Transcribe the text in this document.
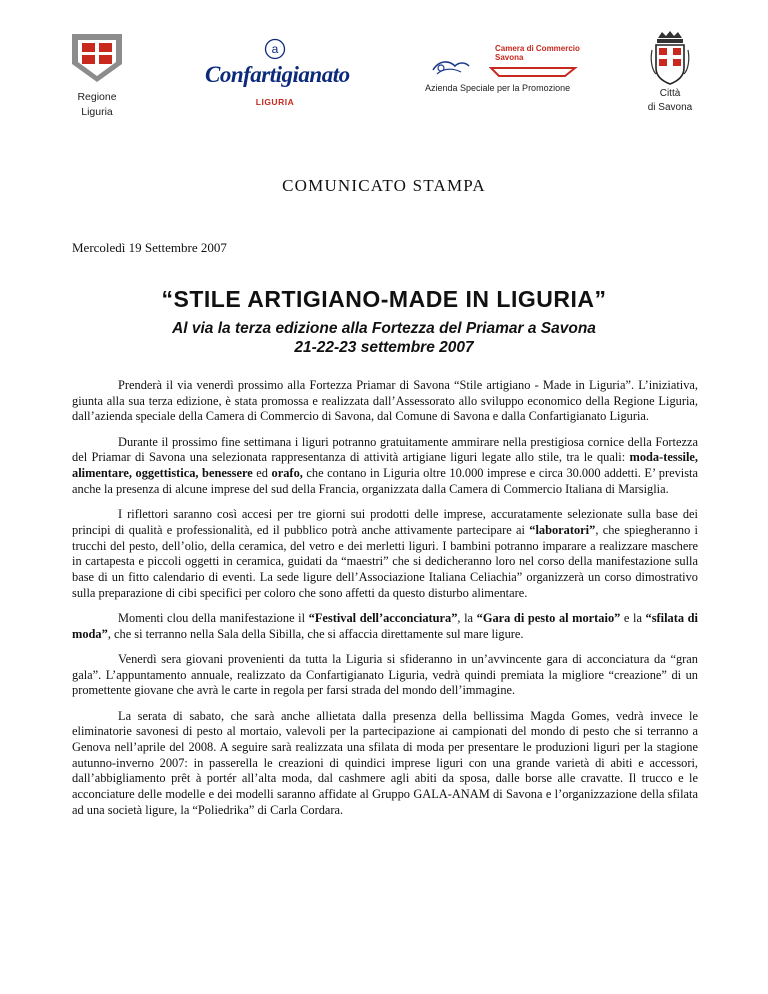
Regione
Liguria
a
Confartigianato
LIGURIA
Camera di Commercio
Savona
Azienda Speciale per la Promozione	Città
di Savona
COMUNICATO STAMPA
Mercoledì 19 Settembre 2007
“STILE ARTIGIANO-MADE IN LIGURIA”
Al via la terza edizione alla Fortezza del Priamar a Savona
21-22-23 settembre 2007

Prenderà il via venerdì prossimo alla Fortezza Priamar di Savona “Stile artigiano - Made in Liguria”. L’iniziativa, giunta alla sua terza edizione, è stata promossa e realizzata dall’Assessorato allo sviluppo economico della Regione Liguria, dall’azienda speciale della Camera di Commercio di Savona, dal Comune di Savona e dalla Confartigianato Liguria.

Durante il prossimo fine settimana i liguri potranno gratuitamente ammirare nella prestigiosa cornice della Fortezza del Priamar di Savona una selezionata rappresentanza di attività artigiane liguri legate allo stile, tra le quali: moda-tessile, alimentare, oggettistica, benessere ed orafo, che contano in Liguria oltre 10.000 imprese e circa 30.000 addetti. E’ prevista anche la presenza di alcune imprese del sud della Francia, organizzata dalla Camera di Commercio Italiana di Marsiglia.

I riflettori saranno così accesi per tre giorni sui prodotti delle imprese, accuratamente selezionate sulla base dei principi di qualità e professionalità, ed il pubblico potrà anche attivamente partecipare ai “laboratori”, che spiegheranno i trucchi del pesto, dell’olio, della ceramica, del vetro e dei merletti liguri. I bambini potranno imparare a realizzare maschere in cartapesta e piccoli oggetti in ceramica, guidati da “maestri” che si dedicheranno loro nel corso della manifestazione sulla base di un fitto calendario di eventi. La sede ligure dell’Associazione Italiana Celiachia” organizzerà un corso dimostrativo sulla preparazione di cibi specifici per coloro che sono affetti da questo disturbo alimentare.

Momenti clou della manifestazione il “Festival dell’acconciatura”, la “Gara di pesto al mortaio” e la “sfilata di moda”, che si terranno nella Sala della Sibilla, che si affaccia direttamente sul mare ligure.

Venerdì sera giovani provenienti da tutta la Liguria si sfideranno in un’avvincente gara di acconciatura da “gran gala”. L’appuntamento annuale, realizzato da Confartigianato Liguria, vedrà quindi premiata la migliore “creazione” di un promettente giovane che avrà le carte in regola per farsi strada del mondo dell’immagine.

La serata di sabato, che sarà anche allietata dalla presenza della bellissima Magda Gomes, vedrà invece le eliminatorie savonesi di pesto al mortaio, valevoli per la partecipazione ai campionati del mondo di pesto che si terranno a Genova nell’aprile del 2008. A seguire sarà realizzata una sfilata di moda per presentare le produzioni liguri per la stagione autunno-inverno 2007: in passerella le creazioni di quindici imprese liguri con una grande varietà di abiti e accessori, dall’abbigliamento prêt à portér all’alta moda, dal cashmere agli abiti da sposa, dalle borse alle cravatte. Il trucco e le acconciature delle modelle e dei modelli saranno affidate al Gruppo GALA-ANAM di Savona e l’organizzazione della sfilata ad una società ligure, la “Poliedrika” di Carla Cordara.
